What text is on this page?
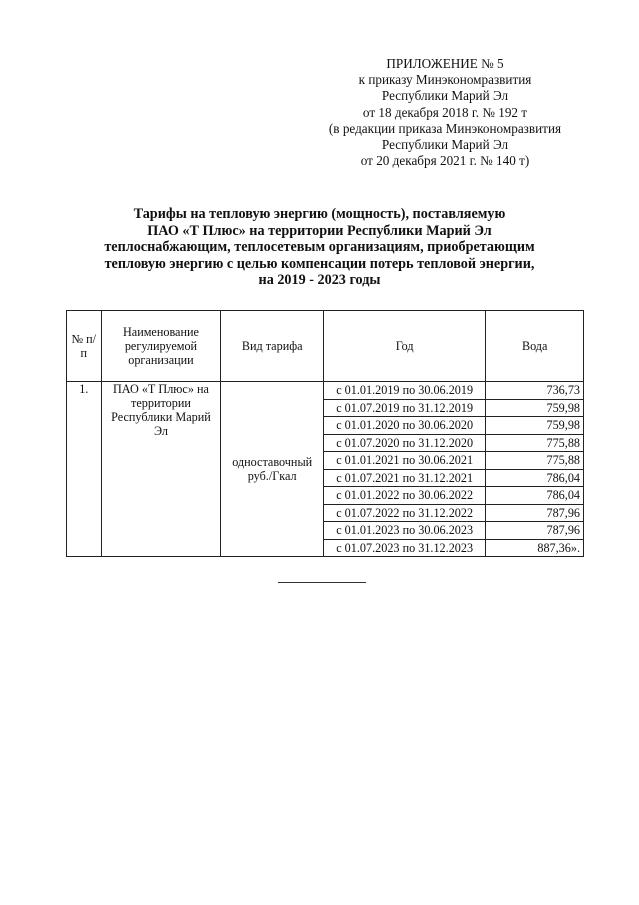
ПРИЛОЖЕНИЕ № 5
к приказу Минэкономразвития
Республики Марий Эл
от 18 декабря 2018 г. № 192 т
(в редакции приказа Минэкономразвития
Республики Марий Эл
от 20 декабря 2021 г. № 140 т)
Тарифы на тепловую энергию (мощность), поставляемую
ПАО «Т Плюс» на территории Республики Марий Эл
теплоснабжающим, теплосетевым организациям, приобретающим
тепловую энергию с целью компенсации потерь тепловой энергии,
на 2019 - 2023 годы
№ п/п	Наименование регулируемой организации	Вид тарифа	Год	Вода
1.	ПАО «Т Плюс» на территории Республики Марий Эл	одноставочный руб./Гкал	с 01.01.2019 по 30.06.2019	736,73
			с 01.07.2019 по 31.12.2019	759,98
			с 01.01.2020 по 30.06.2020	759,98
			с 01.07.2020 по 31.12.2020	775,88
			с 01.01.2021 по 30.06.2021	775,88
			с 01.07.2021 по 31.12.2021	786,04
			с 01.01.2022 по 30.06.2022	786,04
			с 01.07.2022 по 31.12.2022	787,96
			с 01.01.2023 по 30.06.2023	787,96
			с 01.07.2023 по 31.12.2023	887,36».
